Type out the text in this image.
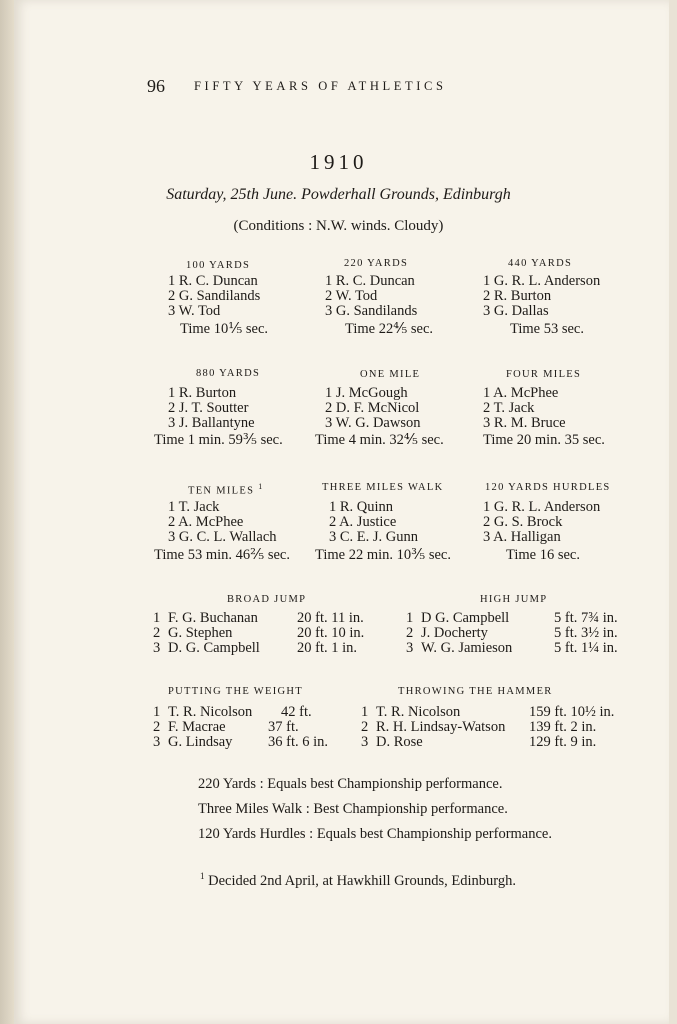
96 FIFTY YEARS OF ATHLETICS
1910
Saturday, 25th June. Powderhall Grounds, Edinburgh
(Conditions : N.W. winds. Cloudy)
100 YARDS
1 R. C. Duncan
2 G. Sandilands
3 W. Tod
Time 10⅕ sec.
220 YARDS
1 R. C. Duncan
2 W. Tod
3 G. Sandilands
Time 22⅘ sec.
440 YARDS
1 G. R. L. Anderson
2 R. Burton
3 G. Dallas
Time 53 sec.
880 YARDS
1 R. Burton
2 J. T. Soutter
3 J. Ballantyne
Time 1 min. 59⅗ sec.
ONE MILE
1 J. McGough
2 D. F. McNicol
3 W. G. Dawson
Time 4 min. 32⅘ sec.
FOUR MILES
1 A. McPhee
2 T. Jack
3 R. M. Bruce
Time 20 min. 35 sec.
TEN MILES $^1$
1 T. Jack
2 A. McPhee
3 G. C. L. Wallach
Time 53 min. 46⅖ sec.
THREE MILES WALK
1 R. Quinn
2 A. Justice
3 C. E. J. Gunn
Time 22 min. 10⅗ sec.
120 YARDS HURDLES
1 G. R. L. Anderson
2 G. S. Brock
3 A. Halligan
Time 16 sec.
BROAD JUMP
1 F. G. Buchanan	20 ft. 11 in.
2 G. Stephen	20 ft. 10 in.
3 D. G. Campbell	20 ft. 1 in.
HIGH JUMP
1 D G. Campbell	5 ft. 7¾ in.
2 J. Docherty	5 ft. 3½ in.
3 W. G. Jamieson	5 ft. 1¼ in.
PUTTING THE WEIGHT
1 T. R. Nicolson 42 ft.
2 F. Macrae	37 ft.
3 G. Lindsay 36 ft. 6 in.
THROWING THE HAMMER
1 T. R. Nicolson	159 ft. 10½ in.
2 R. H. Lindsay-Watson 139 ft. 2 in.
3 D. Rose	129 ft. 9 in.
220 Yards : Equals best Championship performance.
Three Miles Walk : Best Championship performance.
120 Yards Hurdles : Equals best Championship performance.
$^1$ Decided 2nd April, at Hawkhill Grounds, Edinburgh.
